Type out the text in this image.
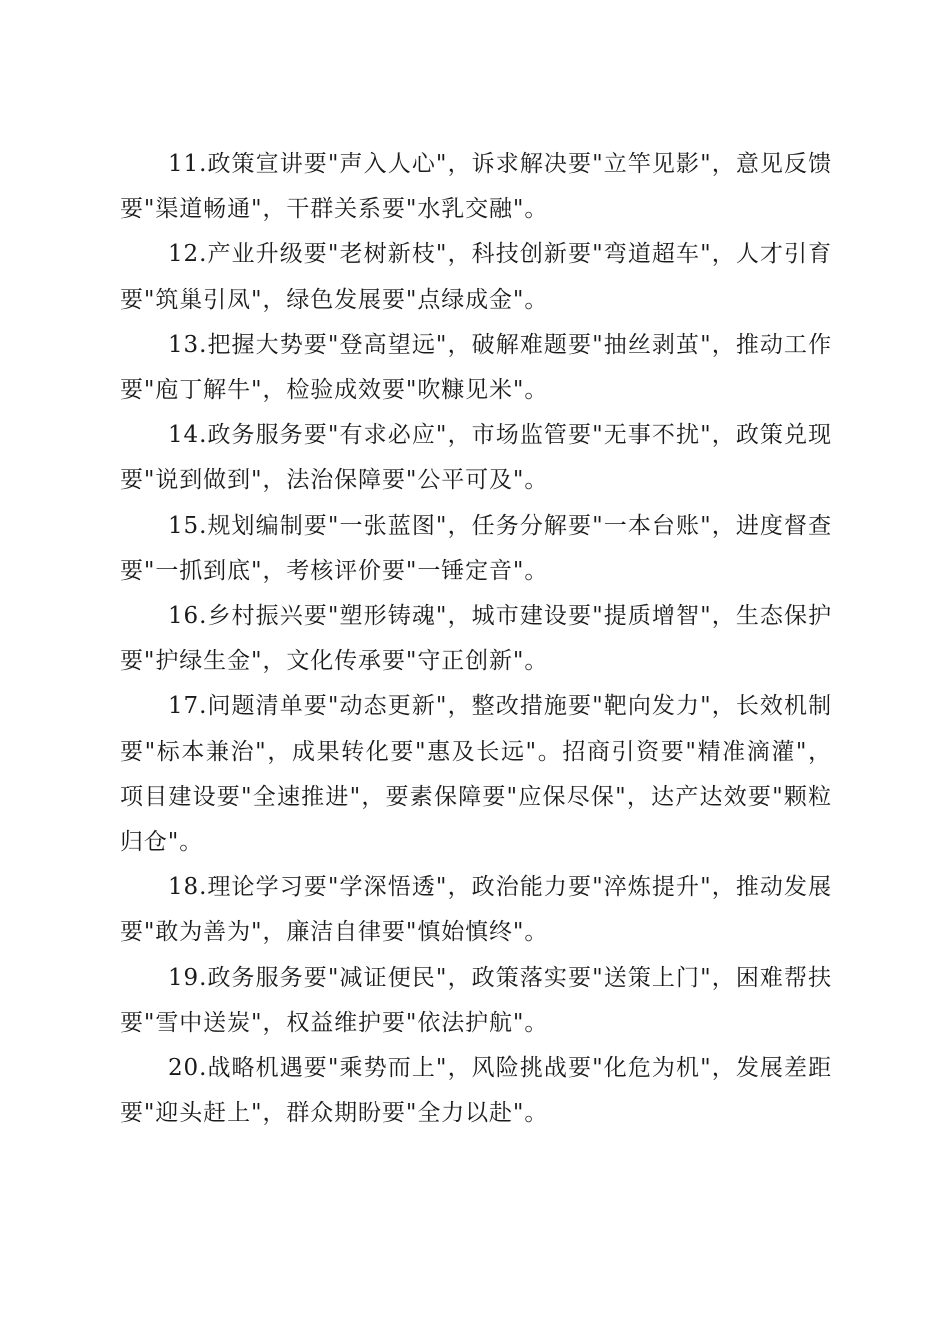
11.政策宣讲要"声入人心"，诉求解决要"立竿见影"，意见反馈要"渠道畅通"，干群关系要"水乳交融"。

12.产业升级要"老树新枝"，科技创新要"弯道超车"，人才引育要"筑巢引凤"，绿色发展要"点绿成金"。

13.把握大势要"登高望远"，破解难题要"抽丝剥茧"，推动工作要"庖丁解牛"，检验成效要"吹糠见米"。

14.政务服务要"有求必应"，市场监管要"无事不扰"，政策兑现要"说到做到"，法治保障要"公平可及"。

15.规划编制要"一张蓝图"，任务分解要"一本台账"，进度督查要"一抓到底"，考核评价要"一锤定音"。

16.乡村振兴要"塑形铸魂"，城市建设要"提质增智"，生态保护要"护绿生金"，文化传承要"守正创新"。

17.问题清单要"动态更新"，整改措施要"靶向发力"，长效机制要"标本兼治"，成果转化要"惠及长远"。招商引资要"精准滴灌"，项目建设要"全速推进"，要素保障要"应保尽保"，达产达效要"颗粒归仓"。

18.理论学习要"学深悟透"，政治能力要"淬炼提升"，推动发展要"敢为善为"，廉洁自律要"慎始慎终"。

19.政务服务要"减证便民"，政策落实要"送策上门"，困难帮扶要"雪中送炭"，权益维护要"依法护航"。

20.战略机遇要"乘势而上"，风险挑战要"化危为机"，发展差距要"迎头赶上"，群众期盼要"全力以赴"。
